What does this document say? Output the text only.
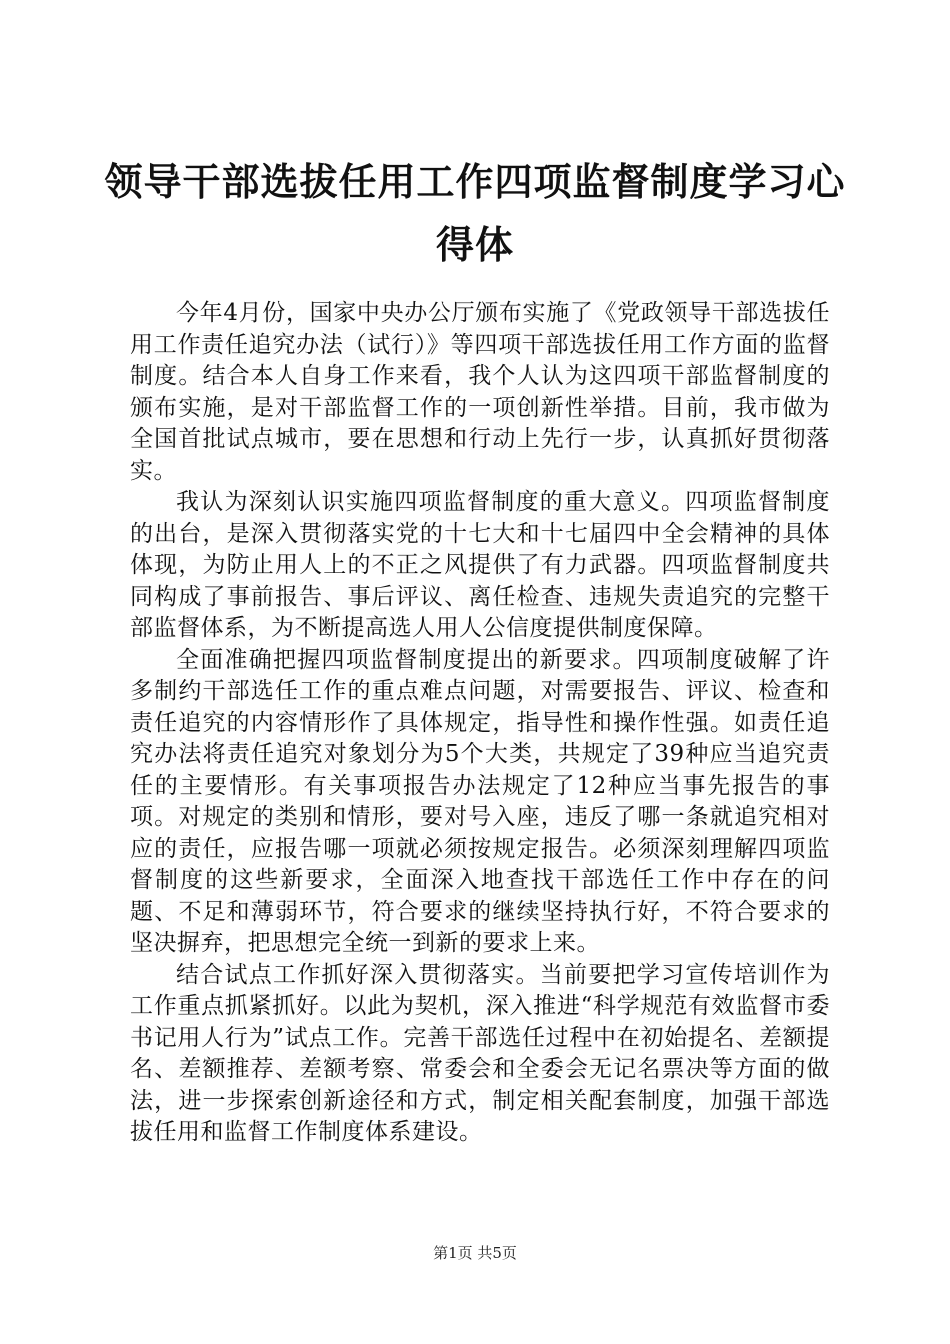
领导干部选拔任用工作四项监督制度学习心得体

今年4月份，国家中央办公厅颁布实施了《党政领导干部选拔任用工作责任追究办法（试行）》等四项干部选拔任用工作方面的监督制度。结合本人自身工作来看，我个人认为这四项干部监督制度的颁布实施，是对干部监督工作的一项创新性举措。目前，我市做为全国首批试点城市，要在思想和行动上先行一步，认真抓好贯彻落实。

我认为深刻认识实施四项监督制度的重大意义。四项监督制度的出台，是深入贯彻落实党的十七大和十七届四中全会精神的具体体现，为防止用人上的不正之风提供了有力武器。四项监督制度共同构成了事前报告、事后评议、离任检查、违规失责追究的完整干部监督体系，为不断提高选人用人公信度提供制度保障。

全面准确把握四项监督制度提出的新要求。四项制度破解了许多制约干部选任工作的重点难点问题，对需要报告、评议、检查和责任追究的内容情形作了具体规定，指导性和操作性强。如责任追究办法将责任追究对象划分为5个大类，共规定了39种应当追究责任的主要情形。有关事项报告办法规定了12种应当事先报告的事项。对规定的类别和情形，要对号入座，违反了哪一条就追究相对应的责任，应报告哪一项就必须按规定报告。必须深刻理解四项监督制度的这些新要求，全面深入地查找干部选任工作中存在的问题、不足和薄弱环节，符合要求的继续坚持执行好，不符合要求的坚决摒弃，把思想完全统一到新的要求上来。

结合试点工作抓好深入贯彻落实。当前要把学习宣传培训作为工作重点抓紧抓好。以此为契机，深入推进“科学规范有效监督市委书记用人行为”试点工作。完善干部选任过程中在初始提名、差额提名、差额推荐、差额考察、常委会和全委会无记名票决等方面的做法，进一步探索创新途径和方式，制定相关配套制度，加强干部选拔任用和监督工作制度体系建设。

第1页 共5页
